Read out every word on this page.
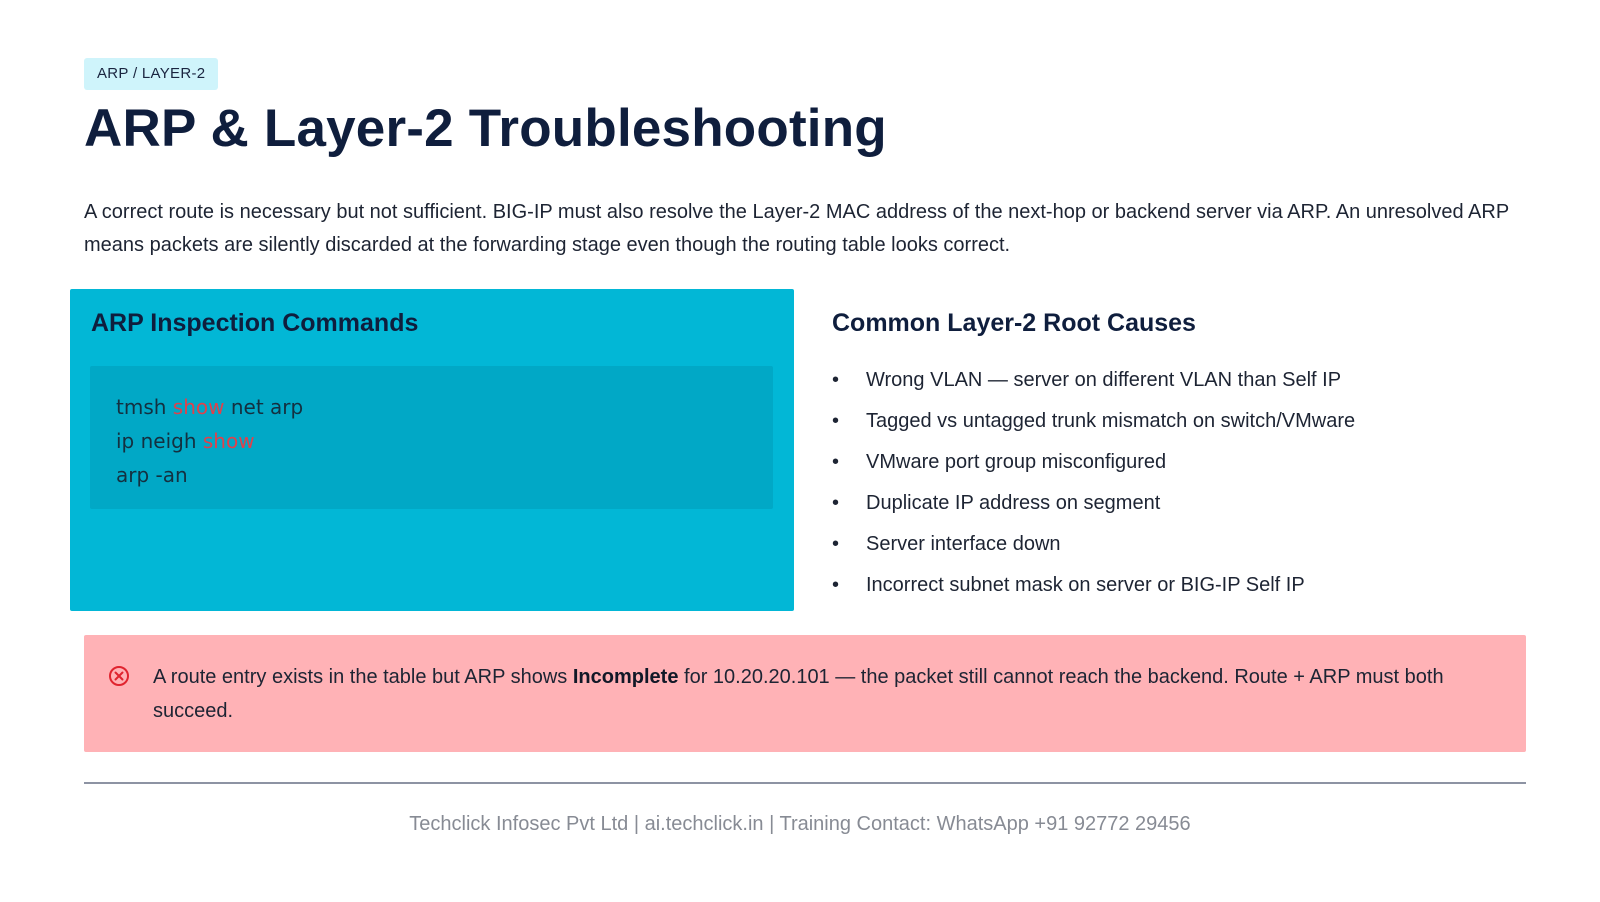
ARP / LAYER-2
ARP & Layer-2 Troubleshooting

A correct route is necessary but not sufficient. BIG-IP must also resolve the Layer-2 MAC address of the next-hop or backend server via ARP. An unresolved ARP means packets are silently discarded at the forwarding stage even though the routing table looks correct.

ARP Inspection Commands
tmsh show net arp
ip neigh show
arp -an
Common Layer-2 Root Causes
•	Wrong VLAN — server on different VLAN than Self IP
•	Tagged vs untagged trunk mismatch on switch/VMware
•	VMware port group misconfigured
•	Duplicate IP address on segment
•	Server interface down
•	Incorrect subnet mask on server or BIG-IP Self IP

A route entry exists in the table but ARP shows Incomplete for 10.20.20.101 — the packet still cannot reach the backend. Route + ARP must both succeed.

Techclick Infosec Pvt Ltd | ai.techclick.in | Training Contact: WhatsApp +91 92772 29456
